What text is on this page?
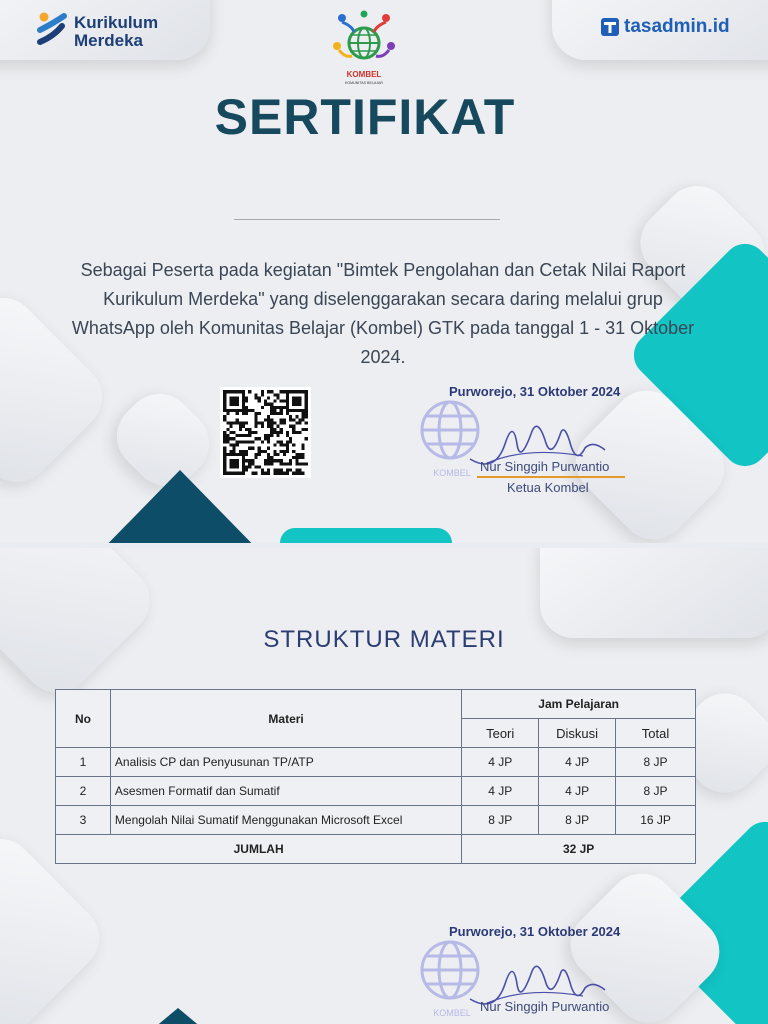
Kurikulum
Merdeka
KOMBEL
KOMUNITAS BELAJAR
tasadmin.id
SERTIFIKAT
Sebagai Peserta pada kegiatan "Bimtek Pengolahan dan Cetak Nilai Raport Kurikulum Merdeka" yang diselenggarakan secara daring melalui grup WhatsApp oleh Komunitas Belajar (Kombel) GTK pada tanggal 1 - 31 Oktober 2024.
KOMBEL
Purworejo, 31 Oktober 2024
Nur Singgih Purwantio
Ketua Kombel
STRUKTUR MATERI
No	Materi	Jam Pelajaran		
		Teori	Diskusi	Total
1	Analisis CP dan Penyusunan TP/ATP	4 JP	4 JP	8 JP
2	Asesmen Formatif dan Sumatif	4 JP	4 JP	8 JP
3	Mengolah Nilai Sumatif Menggunakan Microsoft Excel	8 JP	8 JP	16 JP
JUMLAH		32 JP		
KOMBEL
Purworejo, 31 Oktober 2024
Nur Singgih Purwantio
